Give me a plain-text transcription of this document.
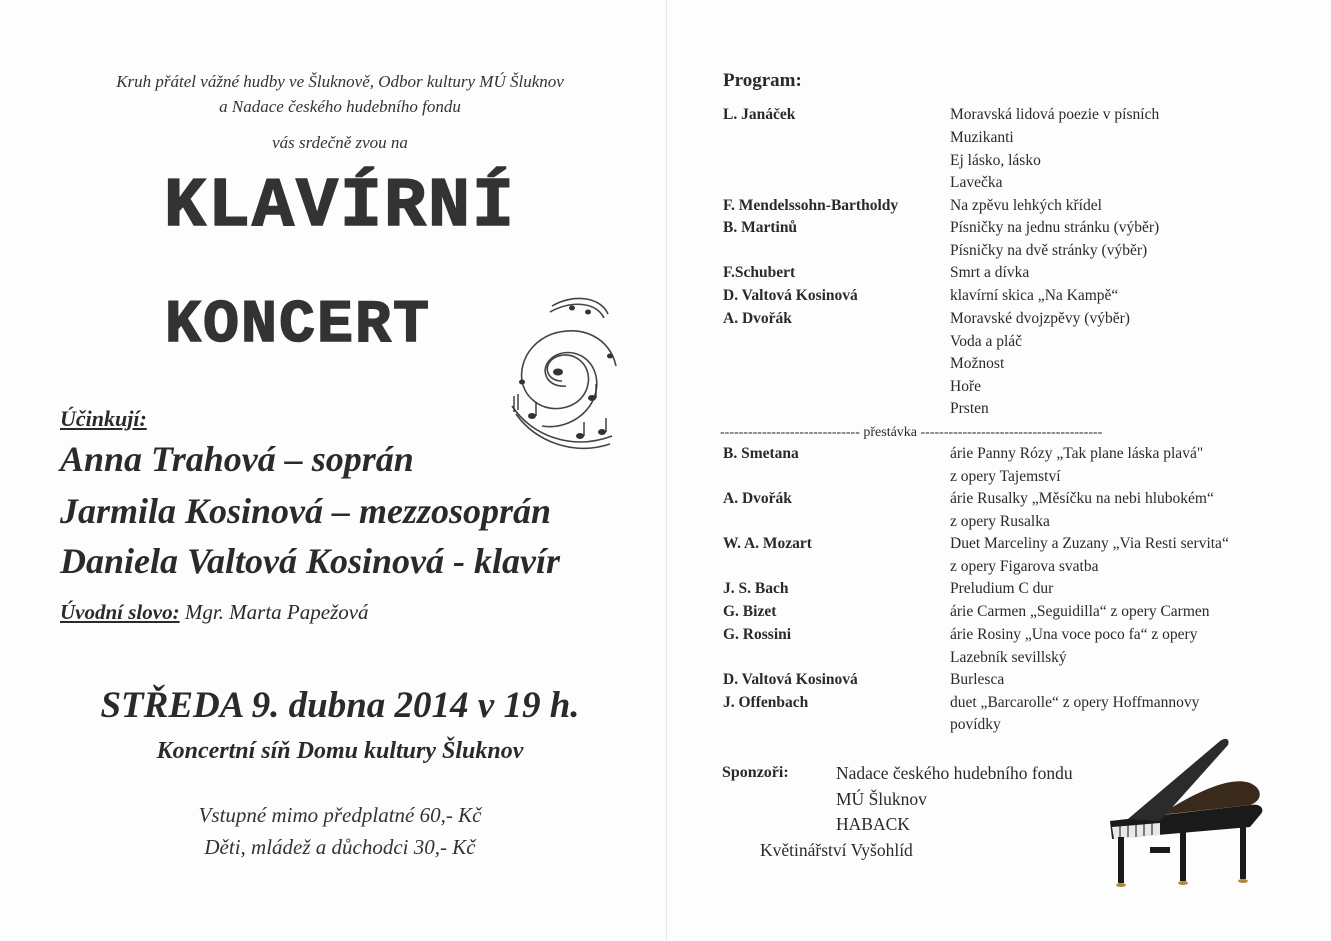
Kruh přátel vážné hudby ve Šluknově, Odbor kultury MÚ Šluknov
a Nadace českého hudebního fondu
vás srdečně zvou na
KLAVÍRNÍ
KONCERT
Účinkují:
Anna Trahová – soprán
Jarmila Kosinová – mezzosoprán
Daniela Valtová Kosinová - klavír
Úvodní slovo: Mgr. Marta Papežová
STŘEDA 9. dubna 2014 v 19 h.
Koncertní síň Domu kultury Šluknov
Vstupné mimo předplatné 60,- Kč
Děti, mládež a důchodci 30,- Kč
Program:
L. Janáček	Moravská lidová poezie v písních
Muzikanti
Ej lásko, lásko
Lavečka
F. Mendelssohn-Bartholdy	Na zpěvu lehkých křídel
B. Martinů	Písničky na jednu stránku (výběr)
Písničky na dvě stránky (výběr)
F.Schubert	Smrt a dívka
D. Valtová Kosinová	klavírní skica „Na Kampě“
A. Dvořák	Moravské dvojzpěvy (výběr)
Voda a pláč
Možnost
Hoře
Prsten
------------------------------ přestávka ---------------------------------------
B. Smetana	árie Panny Rózy „Tak plane láska plavá"
z opery Tajemství
A. Dvořák	árie Rusalky „Měsíčku na nebi hlubokém“
z opery Rusalka
W. A. Mozart	Duet Marceliny a Zuzany „Via Resti servita“
z opery Figarova svatba
J. S. Bach	Preludium C dur
G. Bizet	árie Carmen „Seguidilla“ z opery Carmen
G. Rossini	árie Rosiny „Una voce poco fa“ z opery
Lazebník sevillský
D. Valtová Kosinová	Burlesca
J. Offenbach	duet „Barcarolle“ z opery Hoffmannovy
povídky
Sponzoři:	Nadace českého hudebního fondu
MÚ Šluknov
HABACK
Květinářství Vyšohlíd
